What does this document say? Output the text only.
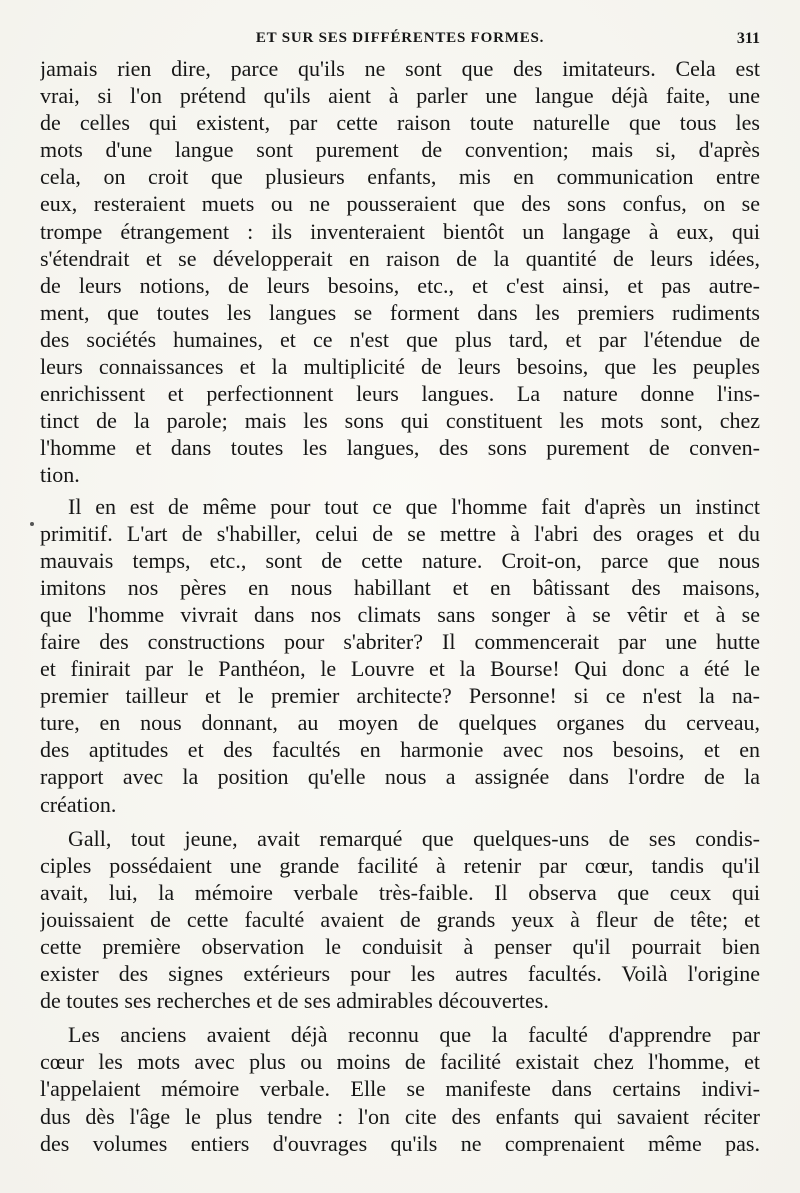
ET SUR SES DIFFÉRENTES FORMES.	311
jamais rien dire, parce qu'ils ne sont que des imitateurs. Cela est
vrai, si l'on prétend qu'ils aient à parler une langue déjà faite, une
de celles qui existent, par cette raison toute naturelle que tous les
mots d'une langue sont purement de convention; mais si, d'après
cela, on croit que plusieurs enfants, mis en communication entre
eux, resteraient muets ou ne pousseraient que des sons confus, on se
trompe étrangement : ils inventeraient bientôt un langage à eux, qui
s'étendrait et se développerait en raison de la quantité de leurs idées,
de leurs notions, de leurs besoins, etc., et c'est ainsi, et pas autre-
ment, que toutes les langues se forment dans les premiers rudiments
des sociétés humaines, et ce n'est que plus tard, et par l'étendue de
leurs connaissances et la multiplicité de leurs besoins, que les peuples
enrichissent et perfectionnent leurs langues. La nature donne l'ins-
tinct de la parole; mais les sons qui constituent les mots sont, chez
l'homme et dans toutes les langues, des sons purement de conven-
tion.
Il en est de même pour tout ce que l'homme fait d'après un instinct
primitif. L'art de s'habiller, celui de se mettre à l'abri des orages et du
mauvais temps, etc., sont de cette nature. Croit-on, parce que nous
imitons nos pères en nous habillant et en bâtissant des maisons,
que l'homme vivrait dans nos climats sans songer à se vêtir et à se
faire des constructions pour s'abriter? Il commencerait par une hutte
et finirait par le Panthéon, le Louvre et la Bourse! Qui donc a été le
premier tailleur et le premier architecte? Personne! si ce n'est la na-
ture, en nous donnant, au moyen de quelques organes du cerveau,
des aptitudes et des facultés en harmonie avec nos besoins, et en
rapport avec la position qu'elle nous a assignée dans l'ordre de la
création.
Gall, tout jeune, avait remarqué que quelques-uns de ses condis-
ciples possédaient une grande facilité à retenir par cœur, tandis qu'il
avait, lui, la mémoire verbale très-faible. Il observa que ceux qui
jouissaient de cette faculté avaient de grands yeux à fleur de tête; et
cette première observation le conduisit à penser qu'il pourrait bien
exister des signes extérieurs pour les autres facultés. Voilà l'origine
de toutes ses recherches et de ses admirables découvertes.
Les anciens avaient déjà reconnu que la faculté d'apprendre par
cœur les mots avec plus ou moins de facilité existait chez l'homme, et
l'appelaient mémoire verbale. Elle se manifeste dans certains indivi-
dus dès l'âge le plus tendre : l'on cite des enfants qui savaient réciter
des volumes entiers d'ouvrages qu'ils ne comprenaient même pas.
